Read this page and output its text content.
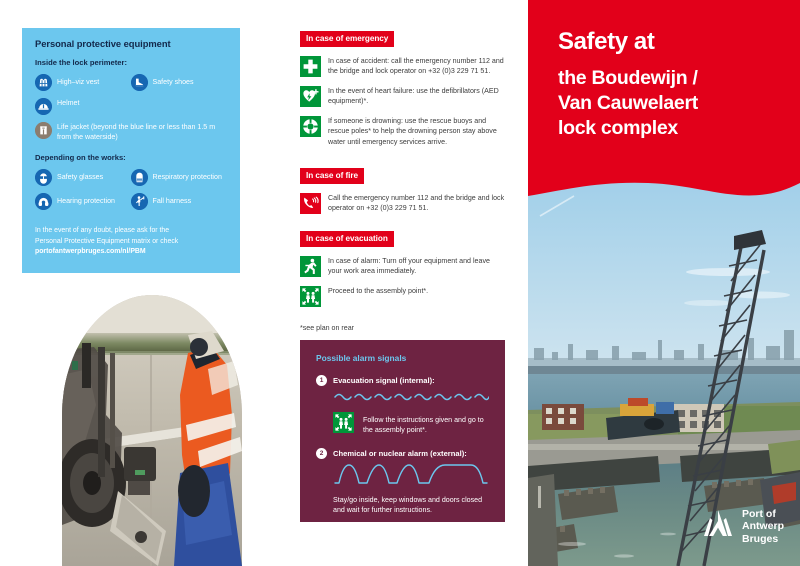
Personal protective equipment
Inside the lock perimeter:
High–viz vest	Safety shoes
Helmet
Life jacket (beyond the blue line or less than 1.5 m from the waterside)
Depending on the works:
Safety glasses	Respiratory protection
Hearing protection	Fall harness
In the event of any doubt, please ask for the
Personal Protective Equipment matrix or check
portofantwerpbruges.com/nl/PBM
In case of emergency
In case of accident: call the emergency number 112 and the bridge and lock operator on +32 (0)3 229 71 51.
In the event of heart failure: use the defibrillators (AED equipment)*.
If someone is drowning: use the rescue buoys and rescue poles* to help the drowning person stay above water until emergency services arrive.
In case of fire
Call the emergency number 112 and the bridge and lock operator on +32 (0)3 229 71 51.
In case of evacuation
In case of alarm: Turn off your equipment and leave your work area immediately.
Proceed to the assembly point*.
*see plan on rear
Possible alarm signals
1	Evacuation signal (internal):
Follow the instructions given and go to the assembly point*.
2	Chemical or nuclear alarm (external):
Stay/go inside, keep windows and doors closed and wait for further instructions.
Safety at
the Boudewijn /
Van Cauwelaert
lock complex
Port of
Antwerp
Bruges
